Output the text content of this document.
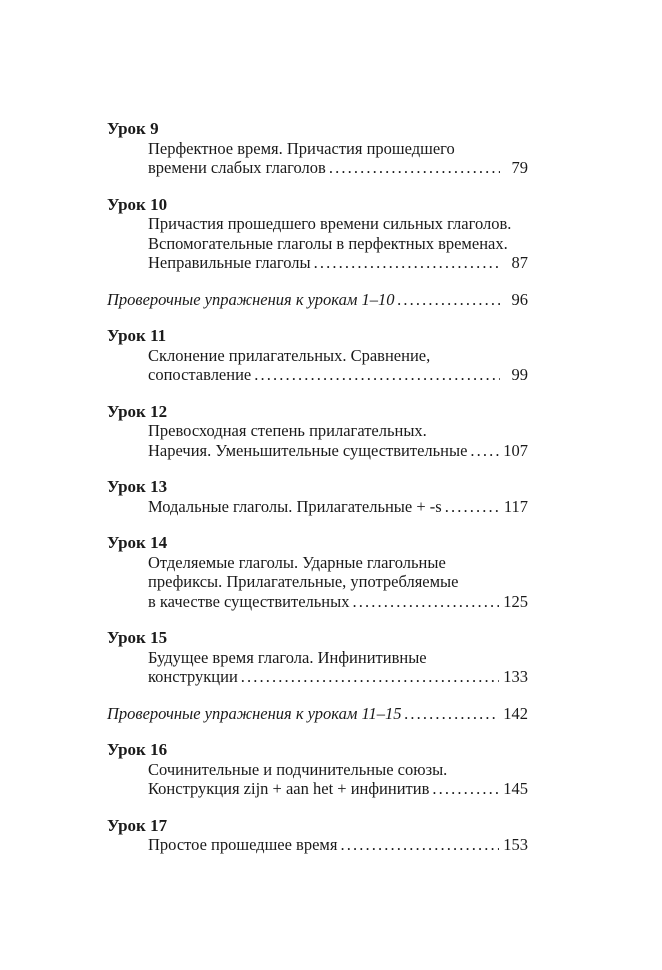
Урок 9
Перфектное время. Причастия прошедшего
времени слабых глаголов . . .	79
Урок 10
Причастия прошедшего времени сильных глаголов.
Вспомогательные глаголы в перфектных временах.
Неправильные глаголы . . .	87
Проверочные упражнения к урокам 1–10 . . .	96
Урок 11
Склонение прилагательных. Сравнение,
сопоставление . . .	99
Урок 12
Превосходная степень прилагательных.
Наречия. Уменьшительные существительные . . . 107
Урок 13
Модальные глаголы. Прилагательные + -s . . .	117
Урок 14
Отделяемые глаголы. Ударные глагольные
префиксы. Прилагательные, употребляемые
в качестве существительных . . .	125
Урок 15
Будущее время глагола. Инфинитивные
конструкции . . .	133
Проверочные упражнения к урокам 11–15 . . .	142
Урок 16
Сочинительные и подчинительные союзы.
Конструкция zijn + aan het + инфинитив . . .	145
Урок 17
Простое прошедшее время . . .	153
